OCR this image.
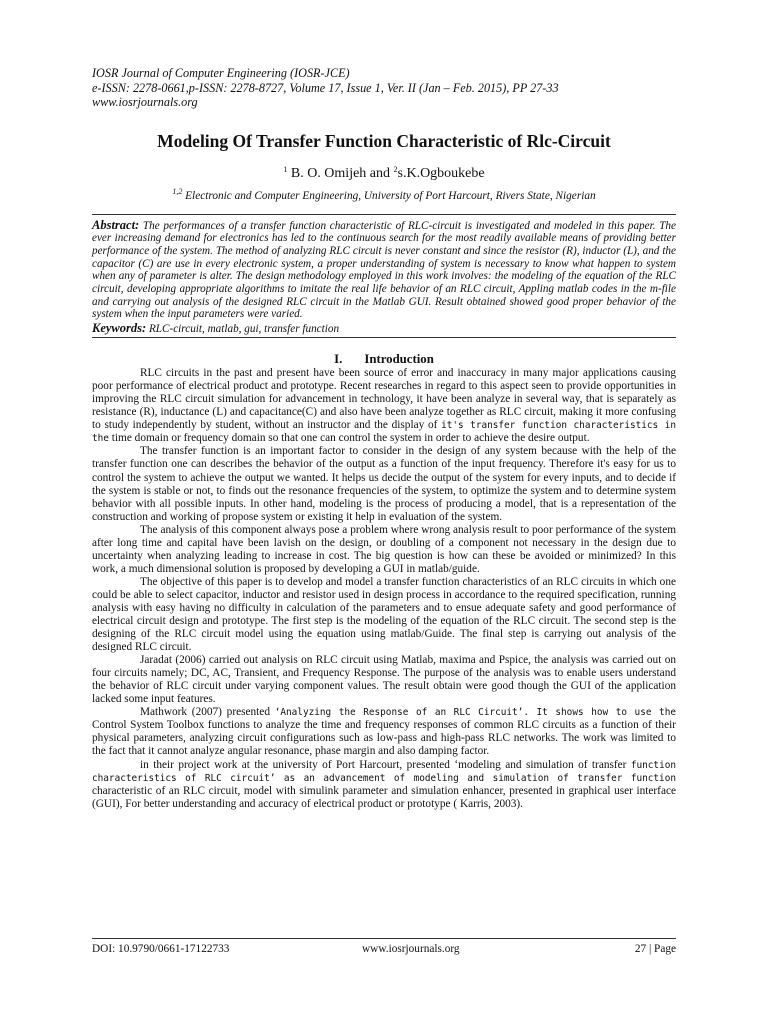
IOSR Journal of Computer Engineering (IOSR-JCE)
e-ISSN: 2278-0661,p-ISSN: 2278-8727, Volume 17, Issue 1, Ver. II (Jan – Feb. 2015), PP 27-33
www.iosrjournals.org
Modeling Of Transfer Function Characteristic of Rlc-Circuit
$^1$ B. O. Omijeh and $^2$s.K.Ogboukebe
$^{1,2}$ Electronic and Computer Engineering, University of Port Harcourt, Rivers State, Nigerian
Abstract: The performances of a transfer function characteristic of RLC-circuit is investigated and modeled in this paper. The ever increasing demand for electronics has led to the continuous search for the most readily available means of providing better performance of the system. The method of analyzing RLC circuit is never constant and since the resistor (R), inductor (L), and the capacitor (C) are use in every electronic system, a proper understanding of system is necessary to know what happen to system when any of parameter is alter. The design methodology employed in this work involves: the modeling of the equation of the RLC circuit, developing appropriate algorithms to imitate the real life behavior of an RLC circuit, Appling matlab codes in the m-file and carrying out analysis of the designed RLC circuit in the Matlab GUI. Result obtained showed good proper behavior of the system when the input parameters were varied.
Keywords: RLC-circuit, matlab, gui, transfer function
I. Introduction

RLC circuits in the past and present have been source of error and inaccuracy in many major applications causing poor performance of electrical product and prototype. Recent researches in regard to this aspect seen to provide opportunities in improving the RLC circuit simulation for advancement in technology, it have been analyze in several way, that is separately as resistance (R), inductance (L) and capacitance(C) and also have been analyze together as RLC circuit, making it more confusing to study independently by student, without an instructor and the display of it's transfer function characteristics in the time domain or frequency domain so that one can control the system in order to achieve the desire output.

The transfer function is an important factor to consider in the design of any system because with the help of the transfer function one can describes the behavior of the output as a function of the input frequency. Therefore it's easy for us to control the system to achieve the output we wanted. It helps us decide the output of the system for every inputs, and to decide if the system is stable or not, to finds out the resonance frequencies of the system, to optimize the system and to determine system behavior with all possible inputs. In other hand, modeling is the process of producing a model, that is a representation of the construction and working of propose system or existing it help in evaluation of the system.

The analysis of this component always pose a problem where wrong analysis result to poor performance of the system after long time and capital have been lavish on the design, or doubling of a component not necessary in the design due to uncertainty when analyzing leading to increase in cost. The big question is how can these be avoided or minimized? In this work, a much dimensional solution is proposed by developing a GUI in matlab/guide.

The objective of this paper is to develop and model a transfer function characteristics of an RLC circuits in which one could be able to select capacitor, inductor and resistor used in design process in accordance to the required specification, running analysis with easy having no difficulty in calculation of the parameters and to ensue adequate safety and good performance of electrical circuit design and prototype. The first step is the modeling of the equation of the RLC circuit. The second step is the designing of the RLC circuit model using the equation using matlab/Guide. The final step is carrying out analysis of the designed RLC circuit.

Jaradat (2006) carried out analysis on RLC circuit using Matlab, maxima and Pspice, the analysis was carried out on four circuits namely; DC, AC, Transient, and Frequency Response. The purpose of the analysis was to enable users understand the behavior of RLC circuit under varying component values. The result obtain were good though the GUI of the application lacked some input features.

Mathwork (2007) presented ‘Analyzing the Response of an RLC Circuit’. It shows how to use the Control System Toolbox functions to analyze the time and frequency responses of common RLC circuits as a function of their physical parameters, analyzing circuit configurations such as low-pass and high-pass RLC networks. The work was limited to the fact that it cannot analyze angular resonance, phase margin and also damping factor.

in their project work at the university of Port Harcourt, presented ‘modeling and simulation of transfer function characteristics of RLC circuit’ as an advancement of modeling and simulation of transfer function characteristic of an RLC circuit, model with simulink parameter and simulation enhancer, presented in graphical user interface (GUI), For better understanding and accuracy of electrical product or prototype ( Karris, 2003).

DOI: 10.9790/0661-17122733	www.iosrjournals.org	27 | Page
